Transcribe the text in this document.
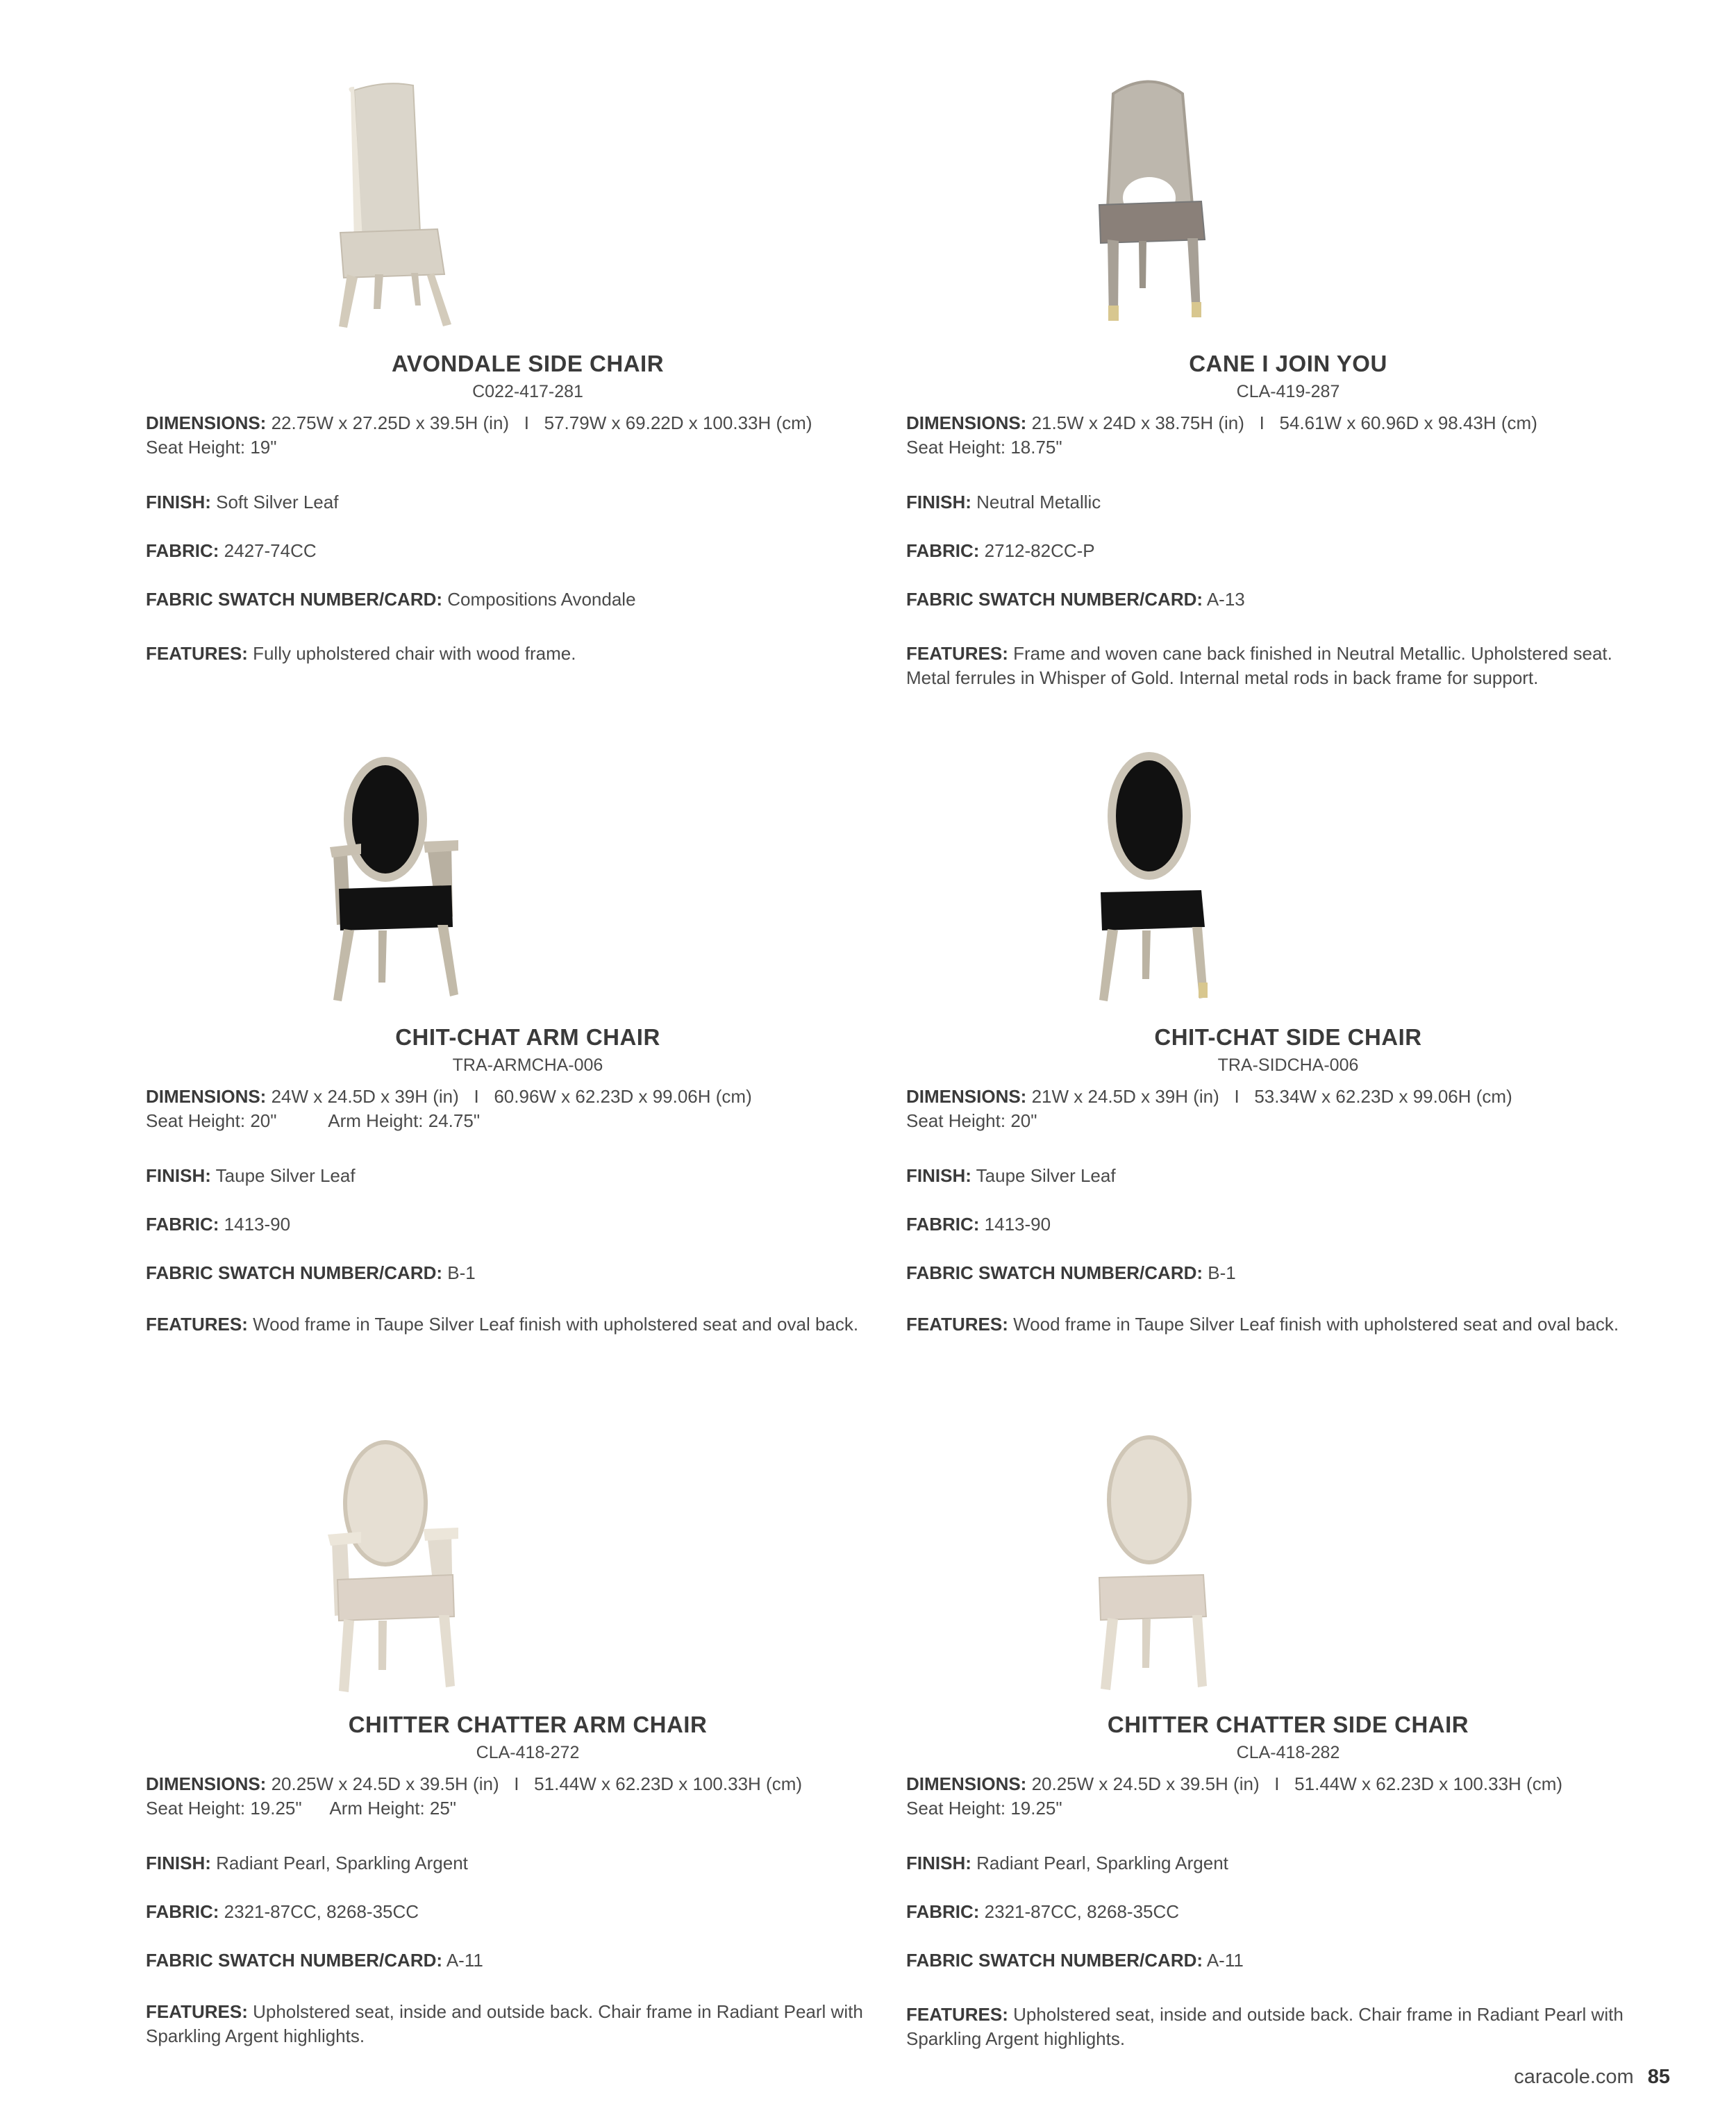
AVONDALE SIDE CHAIR
C022-417-281
DIMENSIONS: 22.75W x 27.25D x 39.5H (in)   I   57.79W x 69.22D x 100.33H (cm)
Seat Height: 19"
FINISH: Soft Silver Leaf
FABRIC: 2427-74CC
FABRIC SWATCH NUMBER/CARD: Compositions Avondale
FEATURES: Fully upholstered chair with wood frame.
CANE I JOIN YOU
CLA-419-287
DIMENSIONS: 21.5W x 24D x 38.75H (in)   I   54.61W x 60.96D x 98.43H (cm)
Seat Height: 18.75"
FINISH: Neutral Metallic
FABRIC: 2712-82CC-P
FABRIC SWATCH NUMBER/CARD: A-13
FEATURES: Frame and woven cane back finished in Neutral Metallic. Upholstered seat. Metal ferrules in Whisper of Gold. Internal metal rods in back frame for support.
CHIT-CHAT ARM CHAIR
TRA-ARMCHA-006
DIMENSIONS: 24W x 24.5D x 39H (in)   I   60.96W x 62.23D x 99.06H (cm)
Seat Height: 20"	Arm Height: 24.75"
FINISH: Taupe Silver Leaf
FABRIC: 1413-90
FABRIC SWATCH NUMBER/CARD: B-1
FEATURES: Wood frame in Taupe Silver Leaf finish with upholstered seat and oval back.
CHIT-CHAT SIDE CHAIR
TRA-SIDCHA-006
DIMENSIONS: 21W x 24.5D x 39H (in)   I   53.34W x 62.23D x 99.06H (cm)
Seat Height: 20"
FINISH: Taupe Silver Leaf
FABRIC: 1413-90
FABRIC SWATCH NUMBER/CARD: B-1
FEATURES: Wood frame in Taupe Silver Leaf finish with upholstered seat and oval back.
CHITTER CHATTER ARM CHAIR
CLA-418-272
DIMENSIONS: 20.25W x 24.5D x 39.5H (in)   I   51.44W x 62.23D x 100.33H (cm)
Seat Height: 19.25" Arm Height: 25"
FINISH: Radiant Pearl, Sparkling Argent
FABRIC: 2321-87CC, 8268-35CC
FABRIC SWATCH NUMBER/CARD: A-11
FEATURES: Upholstered seat, inside and outside back. Chair frame in Radiant Pearl with Sparkling Argent highlights.
CHITTER CHATTER SIDE CHAIR
CLA-418-282
DIMENSIONS: 20.25W x 24.5D x 39.5H (in)   I   51.44W x 62.23D x 100.33H (cm)
Seat Height: 19.25"
FINISH: Radiant Pearl, Sparkling Argent
FABRIC: 2321-87CC, 8268-35CC
FABRIC SWATCH NUMBER/CARD: A-11
FEATURES: Upholstered seat, inside and outside back. Chair frame in Radiant Pearl with Sparkling Argent highlights.
caracole.com 85
